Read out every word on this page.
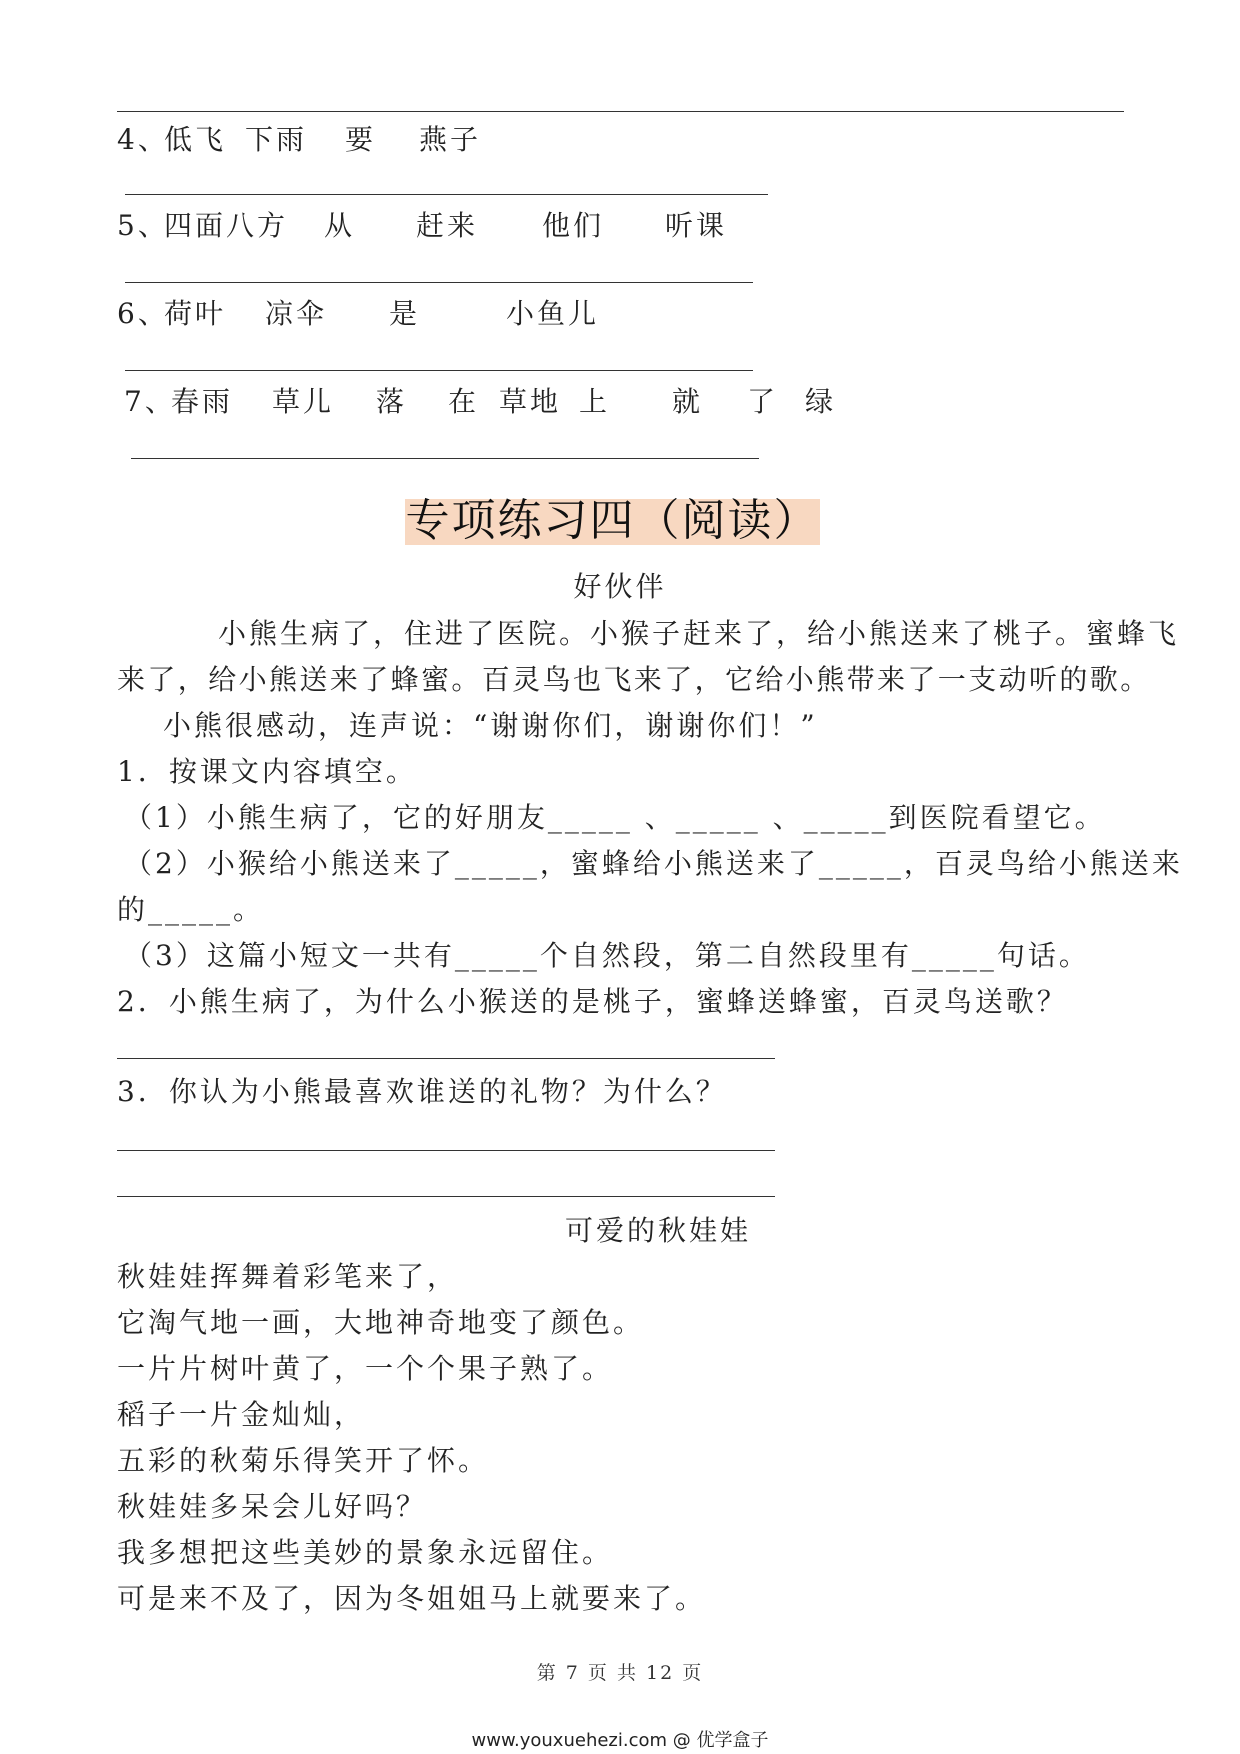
4、
低飞 下雨 要 燕子
5、
四面八方 从 赶来 他们 听课
6、
荷叶 凉伞 是	小鱼儿
7、
春雨 草儿 落 在 草地 上 就 了 绿
专项练习四（阅读）
好伙伴
小熊生病了，住进了医院。小猴子赶来了，给小熊送来了桃子。蜜蜂飞
来了，给小熊送来了蜂蜜。百灵鸟也飞来了，它给小熊带来了一支动听的歌。
小熊很感动，连声说：“谢谢你们，谢谢你们！”
1．按课文内容填空。
（1）小熊生病了，它的好朋友_____ 、_____ 、_____到医院看望它。
（2）小猴给小熊送来了_____，蜜蜂给小熊送来了_____，百灵鸟给小熊送来
的_____。
（3）这篇小短文一共有_____个自然段，第二自然段里有_____句话。
2．小熊生病了，为什么小猴送的是桃子，蜜蜂送蜂蜜，百灵鸟送歌？
3．你认为小熊最喜欢谁送的礼物？为什么？
可爱的秋娃娃
秋娃娃挥舞着彩笔来了，
它淘气地一画，大地神奇地变了颜色。
一片片树叶黄了，一个个果子熟了。
稻子一片金灿灿，
五彩的秋菊乐得笑开了怀。
秋娃娃多呆会儿好吗？
我多想把这些美妙的景象永远留住。
可是来不及了，因为冬姐姐马上就要来了。
第 7 页 共 12 页
www.youxuehezi.com @ 优学盒子
